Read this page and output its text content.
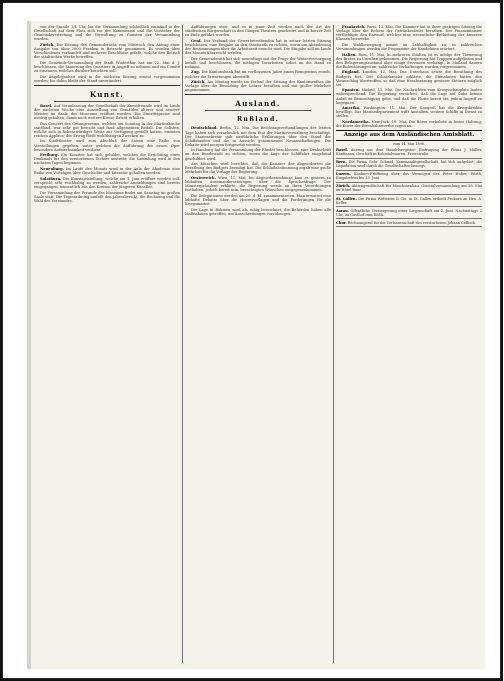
von der Stunde 1/4 Uhr, bis die Versammlung schließlich einmünd in der Gesellschaft auf dem Platz sich vor der Kommission und die Vorsteher der Gemeindevertretung und die Verwaltung zu Gunsten der Versammlung wurden.

Zürich. Die Sitzung des Gemeinderaths vom Mittwoch den Antrag einer Ausgabe von über 2000 Franken in Betracht genommen. Es wurden über Verschiedenes verhandelt und mehrere Beschlüsse gefaßt, welche den Betrieb der städtischen Werke betreffen.

Die Gemeinde-Versammlung der Stadt Winterthur hat am 22. Mai d. J. beschlossen, die Sanierung des Quartiers in Angriff zu nehmen und ein Comité zu ernennen, welches darüber berichten soll.

Die Angelegenheit wird in der nächsten Sitzung erneut vorgenommen werden; bis dahin bleibt der Stand unverändert.

Kunst.

Basel. Auf Veranlassung der Gesellschaft der Kunstfreunde wird im Laufe der nächsten Woche eine Ausstellung von Gemälden älterer und neuerer Meister im Saale des Museums eröffnet werden. Die Eintrittspreise sind niedrig gehalten, damit auch weitere Kreise Zutritt erhalten.

Das Concert des Gesangvereins, welches am Sonntag in der Martinskirche stattfand, war sehr gut besucht und fand allgemeinen Beifall. Die Solisten, welche sich in liebenswürdiger Weise zur Verfügung gestellt hatten, ernteten reichen Applaus; der Ertrag fließt wohlthätigen Zwecken zu.

Im Stadttheater wird zum Abschluß der Saison eine Reihe von Vorstellungen gegeben, unter welchen die Aufführung der neuen Oper besondere Aufmerksamkeit verdient.

Freiburg. Ein Komitee hat sich gebildet, welches die Errichtung eines Denkmals für den verstorbenen Dichter anstrebt; die Sammlung wird in den nächsten Tagen beginnen.

Neuenburg. Im Laufe des Monats wird in der Aula der Akademie eine Reihe von Vorträgen über Geschichte und Literatur gehalten werden.

Solothurn. Die Kunstausstellung, welche am 1. Juni eröffnet werden soll, verspricht sehr reichhaltig zu werden; zahlreiche Anmeldungen sind bereits eingegangen, namentlich aus den Kreisen der jüngeren Künstler.

Die Versammlung der Freunde des Museums findet am Samstag im großen Saale statt. Die Tagesordnung umfaßt den Jahresbericht, die Rechnung und die Wahl des Vorstandes.

Aufführungen statt; und es in jener Zeit werden nach der Art der städtischen Bürgerschaft in den Gängen Theaters gearbeitet und in kurzer Zeit zu Ende geführt worden.

Genf. Der Verband der Gewerbetreibenden hat in seiner letzten Sitzung beschlossen, eine Eingabe an den Staatsrath zu richten, worin um Abänderung der Bestimmungen über die Arbeitszeit ersucht wird. Die Eingabe soll im Laufe des Monats überreicht werden.

Der Gemeinderath hat sich neuerdings mit der Frage der Wasserversorgung befaßt und beschlossen, die nöthigen Vorarbeiten sofort an die Hand zu nehmen.

Zug. Die Kantonsbank hat im verflossenen Jahre einen Reingewinn erzielt, welcher die Erwartungen übertrifft.

Zürich. Am Montag wurde im Verlauf der Sitzung des Kantonsrathes die Vorlage über die Besoldung der Lehrer berathen und mit großer Mehrheit angenommen.

Ausland.
Rußland.

Deutschland. Berlin, 12. Mai. Die Reichstagsverhandlungen der letzten Tage haben sich vornehmlich mit dem Etat der Marineverwaltung beschäftigt. Der Staatssekretär gab ausführliche Erklärungen über den Stand der Schiffsbauten und die in Aussicht genommenen Neuanschaffungen. Die Debatte wird morgen fortgesetzt werden.

In Hamburg hat die Versammlung der Rheder beschlossen, eine Denkschrift an den Bundesrath zu richten, worin die Lage der Schiffahrt eingehend geschildert wird.

Aus München wird berichtet, daß die Kammer der Abgeordneten die Berathung des Budgets beendigt hat. Die Schlußabstimmung ergab eine große Mehrheit für die Vorlage der Regierung.

Oesterreich. Wien, 11. Mai. Im Abgeordnetenhause kam es gestern zu lebhaften Auseinandersetzungen über die Sprachenfrage. Der Ministerpräsident erklärte, die Regierung werde an ihren Verordnungen festhalten, jedoch bereit sein, berechtigten Wünschen entgegenzukommen.

Die Delegationen werden am 20. d. M. zusammentreten. Man erwartet eine lebhafte Debatte über die Heeresvorlagen und die Forderungen für die Kriegsmarine.

Die Lage in Böhmen wird als ruhig bezeichnet; die Behörden haben alle Maßnahmen getroffen, um Ausschreitungen vorzubeugen.

Frankreich. Paris, 12. Mai. Die Kammer hat in ihrer gestrigen Sitzung die Vorlage über die Reform der Getränkesteuer berathen. Der Finanzminister vertheidigte den Entwurf, welcher eine wesentliche Entlastung der ärmeren Klassen bezwecke.

Die Wahlbewegung nimmt an Lebhaftigkeit zu; in zahlreichen Versammlungen werden die Programme der Kandidaten erörtert.

Italien. Rom, 11. Mai. In mehreren Städten ist es infolge der Theuerung des Brotes zu Unruhen gekommen. Die Regierung hat Truppen aufgeboten und den Belagerungszustand über einige Provinzen verhängt. In Mailand dauern die Ruhestörungen an; zahlreiche Verhaftungen wurden vorgenommen.

England. London, 12. Mai. Das Unterhaus setzte die Berathung des Budgets fort. Der Schatzkanzler erklärte, die Einnahmen hätten den Voranschlag übertroffen, so daß eine Herabsetzung gewisser Steuern möglich sei.

Spanien. Madrid, 11. Mai. Die Nachrichten vom Kriegsschauplatz lauten widersprechend. Die Regierung versichert, daß die Lage auf Cuba keinen Anlaß zu Beunruhigung gebe, und daß die Flotte bereit sei, jedem Angriff zu begegnen.

Amerika. Washington, 11. Mai. Der Kongreß hat die Kriegskredite bewilligt. Das Marinedepartement trifft Anstalten, weitere Schiffe in Dienst zu stellen.

Nordamerika. New-York, 10. Mai. Die Börse verkehrte in fester Haltung; die Kurse der Eisenbahnwerthe zogen an.

Anzeige aus dem Ausländischen Amtsblatt.
vom 14. Mai 1898.

Basel. Auszug aus dem Handelsregister: Eintragung der Firma J. Müller, Kaufmann, Geschäft in Kolonialwaaren, Freiestraße.

Bern. Die Firma Gebr. Schmid, Kommanditgesellschaft, hat sich aufgelöst; die Liquidation wird durch die Gesellschafter besorgt.

Luzern. Konkurs-Eröffnung über das Vermögen des Peter Huber, Wirth; Eingabefrist bis 15. Juni.

Zürich. Aktiengesellschaft für Maschinenbau: Generalversammlung am 28. Mai im Hôtel Baur.

St. Gallen. Die Firma Wettstein & Cie. in St. Gallen ertheilt Prokura an Hrn. A. Keller.

Aarau. Öffentliche Versteigerung einer Liegenschaft am 2. Juni, Nachmittags 2 Uhr, im Gasthof zum Rößli.

Chur. Rechnungsruf für die Verlassenschaft des verstorbenen Johann Caflisch.
